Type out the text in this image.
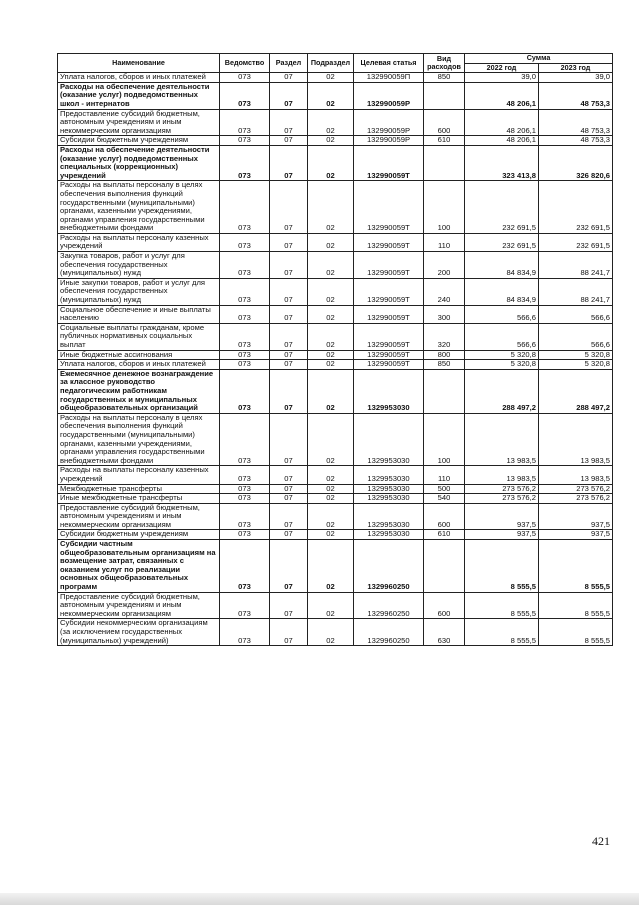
Наименование	Ведомство	Раздел	Подраздел	Целевая статья	Вид расходов	Сумма	
						2022 год	2023 год
Уплата налогов, сборов и иных платежей	073	07	02	132990059П	850	39,0	39,0
Расходы на обеспечение деятельности (оказание услуг) подведомственных школ - интернатов	073	07	02	132990059Р		48 206,1	48 753,3
Предоставление субсидий бюджетным, автономным учреждениям и иным некоммерческим организациям	073	07	02	132990059Р	600	48 206,1	48 753,3
Субсидии бюджетным учреждениям	073	07	02	132990059Р	610	48 206,1	48 753,3
Расходы на обеспечение деятельности (оказание услуг) подведомственных специальных (коррекционных) учреждений	073	07	02	132990059Т		323 413,8	326 820,6
Расходы на выплаты персоналу в целях обеспечения выполнения функций государственными (муниципальными) органами, казенными учреждениями, органами управления государственными внебюджетными фондами	073	07	02	132990059Т	100	232 691,5	232 691,5
Расходы на выплаты персоналу казенных учреждений	073	07	02	132990059Т	110	232 691,5	232 691,5
Закупка товаров, работ и услуг для обеспечения государственных (муниципальных) нужд	073	07	02	132990059Т	200	84 834,9	88 241,7
Иные закупки товаров, работ и услуг для обеспечения государственных (муниципальных) нужд	073	07	02	132990059Т	240	84 834,9	88 241,7
Социальное обеспечение и иные выплаты населению	073	07	02	132990059Т	300	566,6	566,6
Социальные выплаты гражданам, кроме публичных нормативных социальных выплат	073	07	02	132990059Т	320	566,6	566,6
Иные бюджетные ассигнования	073	07	02	132990059Т	800	5 320,8	5 320,8
Уплата налогов, сборов и иных платежей	073	07	02	132990059Т	850	5 320,8	5 320,8
Ежемесячное денежное вознаграждение за классное руководство педагогическим работникам государственных и муниципальных общеобразовательных организаций	073	07	02	1329953030		288 497,2	288 497,2
Расходы на выплаты персоналу в целях обеспечения выполнения функций государственными (муниципальными) органами, казенными учреждениями, органами управления государственными внебюджетными фондами	073	07	02	1329953030	100	13 983,5	13 983,5
Расходы на выплаты персоналу казенных учреждений	073	07	02	1329953030	110	13 983,5	13 983,5
Межбюджетные трансферты	073	07	02	1329953030	500	273 576,2	273 576,2
Иные межбюджетные трансферты	073	07	02	1329953030	540	273 576,2	273 576,2
Предоставление субсидий бюджетным, автономным учреждениям и иным некоммерческим организациям	073	07	02	1329953030	600	937,5	937,5
Субсидии бюджетным учреждениям	073	07	02	1329953030	610	937,5	937,5
Субсидии частным общеобразовательным организациям на возмещение затрат, связанных с оказанием услуг по реализации основных общеобразовательных программ	073	07	02	1329960250		8 555,5	8 555,5
Предоставление субсидий бюджетным, автономным учреждениям и иным некоммерческим организациям	073	07	02	1329960250	600	8 555,5	8 555,5
Субсидии некоммерческим организациям (за исключением государственных (муниципальных) учреждений)	073	07	02	1329960250	630	8 555,5	8 555,5
421
